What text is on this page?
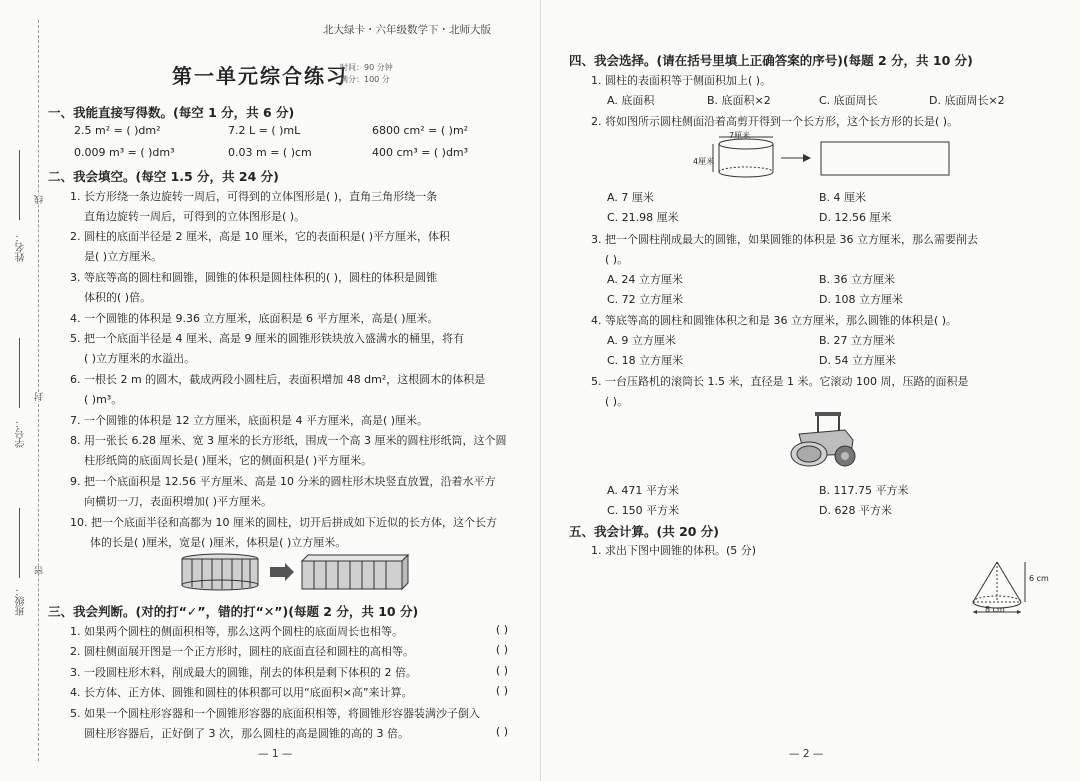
姓名：
学号：
班级：
线
封
密
第一单元综合练习
时间：90 分钟
满分：100 分
一、我能直接写得数。(每空 1 分，共 6 分)
2.5 m² = ( )dm²	7.2 L = ( )mL	6800 cm² = ( )m²
0.009 m³ = ( )dm³	0.03 m = ( )cm	400 cm³ = ( )dm³
二、我会填空。(每空 1.5 分，共 24 分)
1. 长方形绕一条边旋转一周后，可得到的立体图形是( )，直角三角形绕一条
直角边旋转一周后，可得到的立体图形是( )。
2. 圆柱的底面半径是 2 厘米，高是 10 厘米，它的表面积是( )平方厘米，体积
是( )立方厘米。
3. 等底等高的圆柱和圆锥，圆锥的体积是圆柱体积的( )，圆柱的体积是圆锥
体积的( )倍。
4. 一个圆锥的体积是 9.36 立方厘米，底面积是 6 平方厘米，高是( )厘米。
5. 把一个底面半径是 4 厘米、高是 9 厘米的圆锥形铁块放入盛满水的桶里，将有
( )立方厘米的水溢出。
6. 一根长 2 m 的圆木，截成两段小圆柱后，表面积增加 48 dm²，这根圆木的体积是
( )m³。
7. 一个圆锥的体积是 12 立方厘米，底面积是 4 平方厘米，高是( )厘米。
8. 用一张长 6.28 厘米、宽 3 厘米的长方形纸，围成一个高 3 厘米的圆柱形纸筒，这个圆
柱形纸筒的底面周长是( )厘米，它的侧面积是( )平方厘米。
9. 把一个底面积是 12.56 平方厘米、高是 10 分米的圆柱形木块竖直放置，沿着水平方
向横切一刀，表面积增加( )平方厘米。
10. 把一个底面半径和高都为 10 厘米的圆柱，切开后拼成如下近似的长方体，这个长方
体的长是( )厘米，宽是( )厘米，体积是( )立方厘米。
三、我会判断。(对的打“✓”，错的打“✕”)(每题 2 分，共 10 分)
1. 如果两个圆柱的侧面积相等，那么这两个圆柱的底面周长也相等。	( )
2. 圆柱侧面展开图是一个正方形时，圆柱的底面直径和圆柱的高相等。	( )
3. 一段圆柱形木料，削成最大的圆锥，削去的体积是剩下体积的 2 倍。	( )
4. 长方体、正方体、圆锥和圆柱的体积都可以用“底面积×高”来计算。	( )
5. 如果一个圆柱形容器和一个圆锥形容器的底面积相等，将圆锥形容器装满沙子倒入
圆柱形容器后，正好倒了 3 次，那么圆柱的高是圆锥的高的 3 倍。	( )
— 1 —
北大绿卡・六年级数学下・北师大版
四、我会选择。(请在括号里填上正确答案的序号)(每题 2 分，共 10 分)
1. 圆柱的表面积等于侧面积加上( )。
A. 底面积	B. 底面积×2	C. 底面周长	D. 底面周长×2
2. 将如图所示圆柱侧面沿着高剪开得到一个长方形，这个长方形的长是( )。
7厘米
4厘米
A. 7 厘米	B. 4 厘米
C. 21.98 厘米	D. 12.56 厘米
3. 把一个圆柱削成最大的圆锥，如果圆锥的体积是 36 立方厘米，那么需要削去
( )。
A. 24 立方厘米	B. 36 立方厘米
C. 72 立方厘米	D. 108 立方厘米
4. 等底等高的圆柱和圆锥体积之和是 36 立方厘米，那么圆锥的体积是( )。
A. 9 立方厘米	B. 27 立方厘米
C. 18 立方厘米	D. 54 立方厘米
5. 一台压路机的滚筒长 1.5 米，直径是 1 米。它滚动 100 周，压路的面积是
( )。
A. 471 平方米	B. 117.75 平方米
C. 150 平方米	D. 628 平方米
五、我会计算。(共 20 分)
1. 求出下图中圆锥的体积。(5 分)
6 cm
8 cm
— 2 —
